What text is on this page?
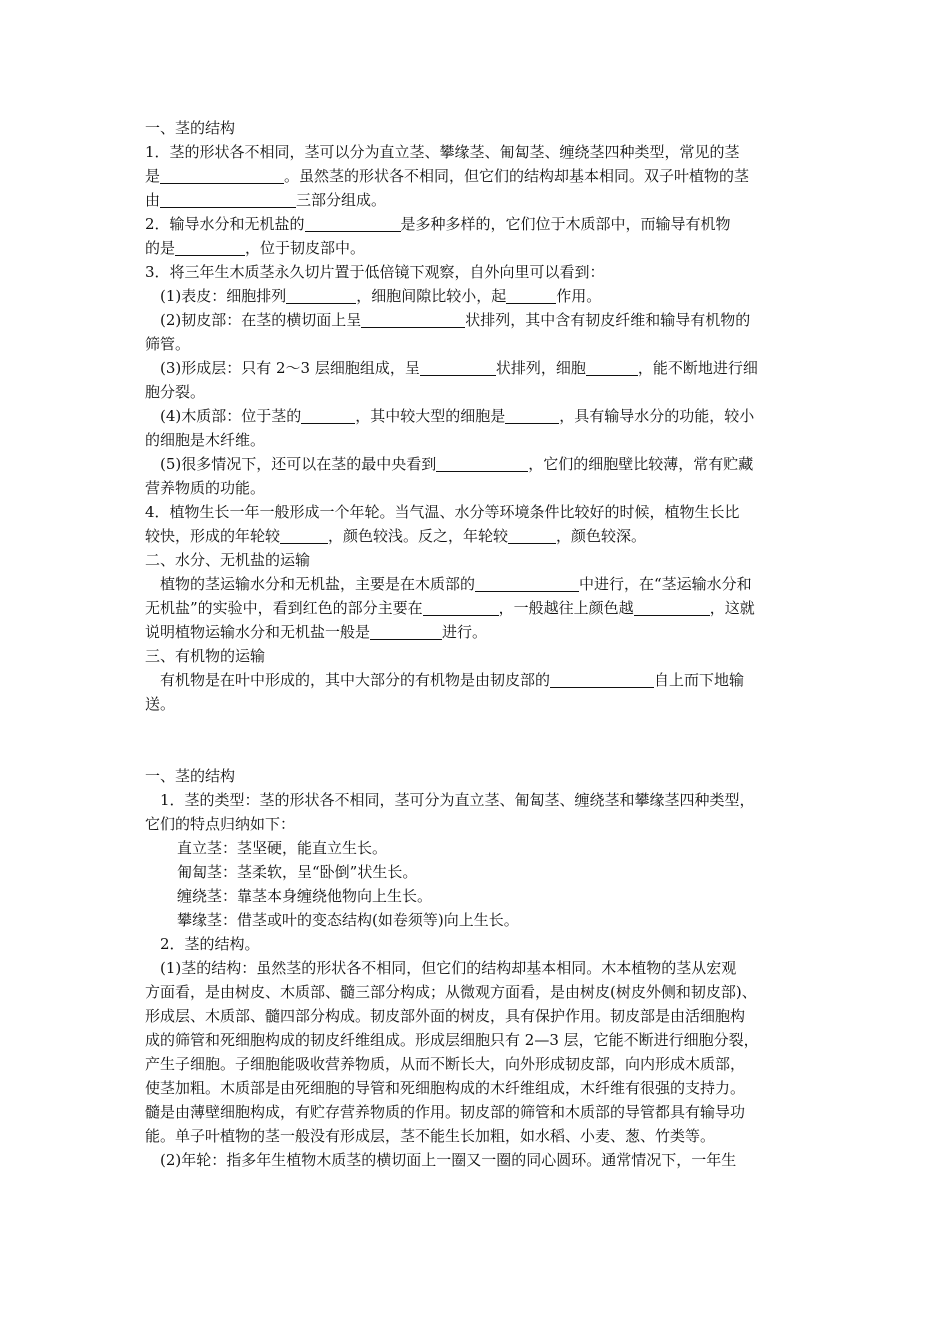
一、茎的结构
1．茎的形状各不相同，茎可以分为直立茎、攀缘茎、匍匐茎、缠绕茎四种类型，常见的茎
是	。虽然茎的形状各不相同，但它们的结构却基本相同。双子叶植物的茎
由	三部分组成。
2．输导水分和无机盐的	是多种多样的，它们位于木质部中，而输导有机物
的是	，位于韧皮部中。
3．将三年生木质茎永久切片置于低倍镜下观察，自外向里可以看到：
(1)表皮：细胞排列	，细胞间隙比较小，起	作用。
(2)韧皮部：在茎的横切面上呈	状排列，其中含有韧皮纤维和输导有机物的
筛管。
(3)形成层：只有 2～3 层细胞组成，呈	状排列，细胞	，能不断地进行细
胞分裂。
(4)木质部：位于茎的	，其中较大型的细胞是	，具有输导水分的功能，较小
的细胞是木纤维。
(5)很多情况下，还可以在茎的最中央看到	，它们的细胞壁比较薄，常有贮藏
营养物质的功能。
4．植物生长一年一般形成一个年轮。当气温、水分等环境条件比较好的时候，植物生长比
较快，形成的年轮较	，颜色较浅。反之，年轮较	，颜色较深。
二、水分、无机盐的运输
植物的茎运输水分和无机盐，主要是在木质部的	中进行，在“茎运输水分和
无机盐”的实验中，看到红色的部分主要在	，一般越往上颜色越	，这就
说明植物运输水分和无机盐一般是	进行。
三、有机物的运输
有机物是在叶中形成的，其中大部分的有机物是由韧皮部的	自上而下地输
送。
一、茎的结构
1．茎的类型：茎的形状各不相同，茎可分为直立茎、匍匐茎、缠绕茎和攀缘茎四种类型，
它们的特点归纳如下：
直立茎：茎坚硬，能直立生长。
匍匐茎：茎柔软，呈“卧倒”状生长。
缠绕茎：靠茎本身缠绕他物向上生长。
攀缘茎：借茎或叶的变态结构(如卷须等)向上生长。
2．茎的结构。
(1)茎的结构：虽然茎的形状各不相同，但它们的结构却基本相同。木本植物的茎从宏观
方面看，是由树皮、木质部、髓三部分构成；从微观方面看，是由树皮(树皮外侧和韧皮部)、
形成层、木质部、髓四部分构成。韧皮部外面的树皮，具有保护作用。韧皮部是由活细胞构
成的筛管和死细胞构成的韧皮纤维组成。形成层细胞只有 2—3 层，它能不断进行细胞分裂，
产生子细胞。子细胞能吸收营养物质，从而不断长大，向外形成韧皮部，向内形成木质部，
使茎加粗。木质部是由死细胞的导管和死细胞构成的木纤维组成，木纤维有很强的支持力。
髓是由薄壁细胞构成，有贮存营养物质的作用。韧皮部的筛管和木质部的导管都具有输导功
能。单子叶植物的茎一般没有形成层，茎不能生长加粗，如水稻、小麦、葱、竹类等。
(2)年轮：指多年生植物木质茎的横切面上一圈又一圈的同心圆环。通常情况下，一年生
